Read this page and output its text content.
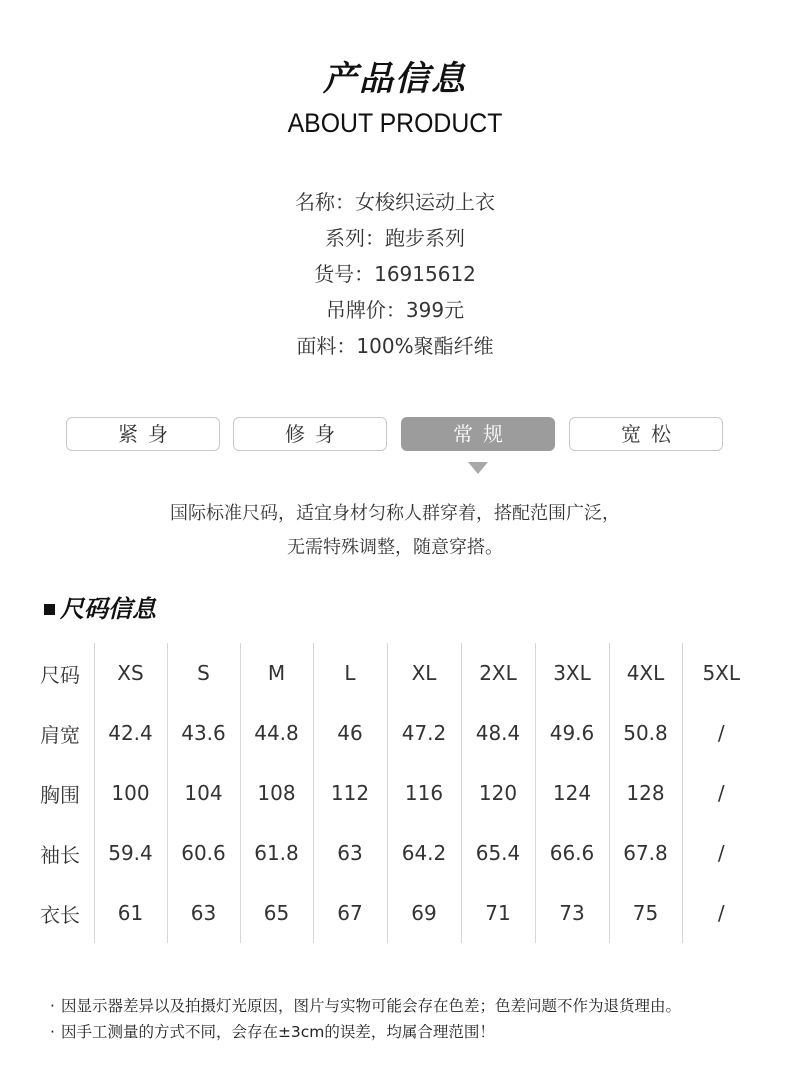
产品信息
ABOUT PRODUCT
名称：女梭织运动上衣
系列：跑步系列
货号：16915612
吊牌价：399元
面料：100%聚酯纤维
紧身	修身	常规	宽松
国际标准尺码，适宜身材匀称人群穿着，搭配范围广泛，
无需特殊调整，随意穿搭。
尺码信息
尺码	XS	S	M	L	XL	2XL	3XL	4XL	5XL
肩宽	42.4	43.6	44.8	46	47.2	48.4	49.6	50.8	/
胸围	100	104	108	112	116	120	124	128	/
袖长	59.4	60.6	61.8	63	64.2	65.4	66.6	67.8	/
衣长	61	63	65	67	69	71	73	75	/
· 因显示器差异以及拍摄灯光原因，图片与实物可能会存在色差；色差问题不作为退货理由。
· 因手工测量的方式不同，会存在±3cm的误差，均属合理范围！
